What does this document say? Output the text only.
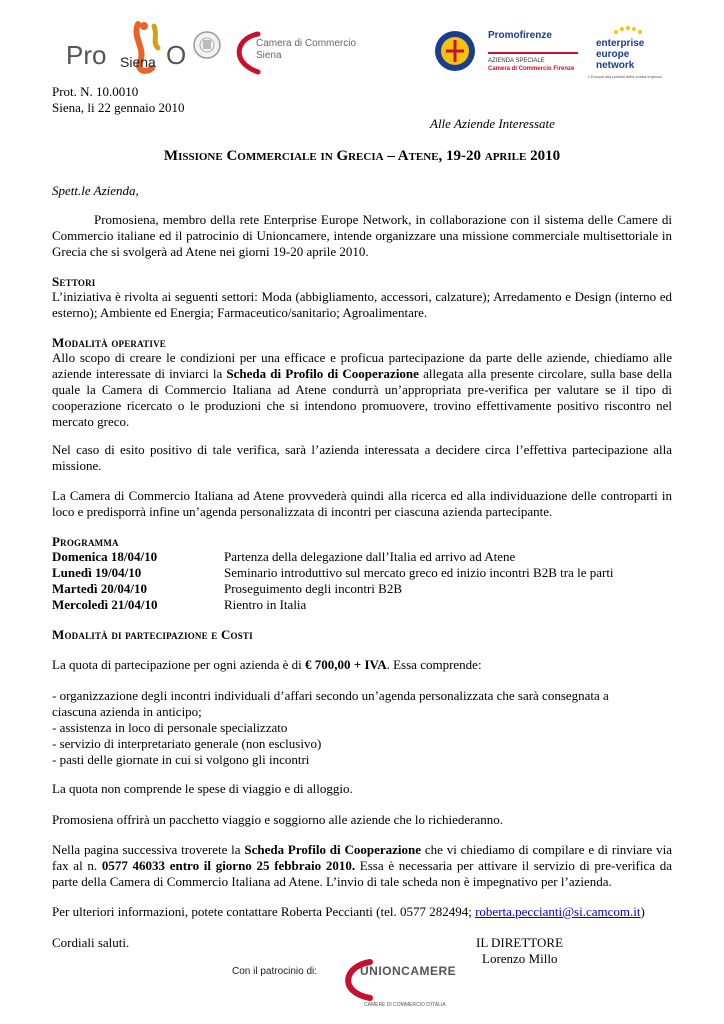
Pro Siena O	Camera di Commercio
Siena
Promofirenze
AZIENDA SPECIALE
Camera di Commercio Firenze
enterprise
europe
network
L'Europa alla portata della vostra impresa
Prot. N. 10.0010
Siena, li 22 gennaio 2010
Alle Aziende Interessate
Missione Commerciale in Grecia – Atene, 19-20 aprile 2010
Spett.le Azienda,
Promosiena, membro della rete Enterprise Europe Network, in collaborazione con il sistema delle Camere di Commercio italiane ed il patrocinio di Unioncamere, intende organizzare una missione commerciale multisettoriale in Grecia che si svolgerà ad Atene nei giorni 19-20 aprile 2010.
Settori
L’iniziativa è rivolta ai seguenti settori: Moda (abbigliamento, accessori, calzature); Arredamento e Design (interno ed esterno); Ambiente ed Energia; Farmaceutico/sanitario; Agroalimentare.
Modalità operative
Allo scopo di creare le condizioni per una efficace e proficua partecipazione da parte delle aziende, chiediamo alle aziende interessate di inviarci la Scheda di Profilo di Cooperazione allegata alla presente circolare, sulla base della quale la Camera di Commercio Italiana ad Atene condurrà un’appropriata pre-verifica per valutare se il tipo di cooperazione ricercato o le produzioni che si intendono promuovere, trovino effettivamente positivo riscontro nel mercato greco.
Nel caso di esito positivo di tale verifica, sarà l’azienda interessata a decidere circa l’effettiva partecipazione alla missione.
La Camera di Commercio Italiana ad Atene provvederà quindi alla ricerca ed alla individuazione delle controparti in loco e predisporrà infine un’agenda personalizzata di incontri per ciascuna azienda partecipante.
Programma
Domenica 18/04/10	Partenza della delegazione dall’Italia ed arrivo ad Atene
Lunedì 19/04/10	Seminario introduttivo sul mercato greco ed inizio incontri B2B tra le parti
Martedì 20/04/10	Proseguimento degli incontri B2B
Mercoledì 21/04/10	Rientro in Italia
Modalità di partecipazione e Costi
La quota di partecipazione per ogni azienda è di € 700,00 + IVA. Essa comprende:
- organizzazione degli incontri individuali d’affari secondo un’agenda personalizzata che sarà consegnata a ciascuna azienda in anticipo;
- assistenza in loco di personale specializzato
- servizio di interpretariato generale (non esclusivo)
- pasti delle giornate in cui si volgono gli incontri
La quota non comprende le spese di viaggio e di alloggio.
Promosiena offrirà un pacchetto viaggio e soggiorno alle aziende che lo richiederanno.
Nella pagina successiva troverete la Scheda Profilo di Cooperazione che vi chiediamo di compilare e di rinviare via fax al n. 0577 46033 entro il giorno 25 febbraio 2010. Essa è necessaria per attivare il servizio di pre-verifica da parte della Camera di Commercio Italiana ad Atene. L’invio di tale scheda non è impegnativo per l’azienda.
Per ulteriori informazioni, potete contattare Roberta Peccianti (tel. 0577 282494; roberta.peccianti@si.camcom.it)
Cordiali saluti.	IL DIRETTORE
Lorenzo Millo
Con il patrocinio di:	UNIONCAMERE
CAMERE DI COMMERCIO D'ITALIA
